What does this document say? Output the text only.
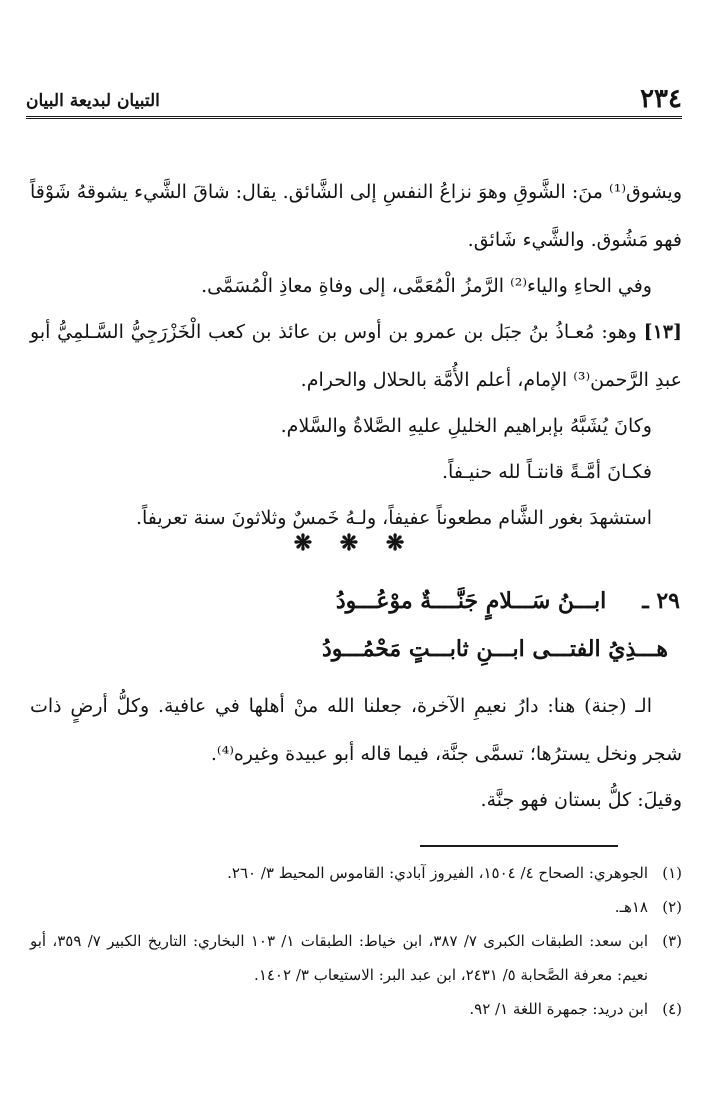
٢٣٤
التبيان لبديعة البيان

ويشوق⁽¹⁾ منَ: الشَّوقِ وهوَ نزاعُ النفسِ إلى الشَّائق. يقال: شاقَ الشَّيء يشوقهُ شَوْقاً فهو مَشُوق. والشَّيء شَائق.

وفي الحاءِ والياء⁽²⁾ الرَّمزُ الْمُعَمَّى، إلى وفاةِ معاذِ الْمُسَمَّى.

[١٣] وهو: مُعـاذُ بنُ جبَل بن عمرو بن أوس بن عائذ بن كعب الْخَزْرَجِيُّ السَّـلمِيُّ أبو عبدِ الرَّحمن⁽³⁾ الإمام، أعلم الأُمَّة بالحلال والحرام.

وكانَ يُشَبَّهُ بإبراهيم الخليلِ عليهِ الصَّلاةُ والسَّلام.

فكـانَ أمَّـةً قانتـاً لله حنيـفاً.

استشهدَ بغور الشَّام مطعوناً عفيفاً، ولـهُ خَمسٌ وثلاثونَ سنة تعريفاً.

❋ ❋ ❋

٢٩ ـابـــنُ سَـــلامٍ جَنَّــــةٌ موْعُـــودُ

هـــذِيُ الفتـــى ابـــنِ ثابـــتٍ مَحْمُـــودُ

الـ (جنة) هنا: دارُ نعيمِ الآخرة، جعلنا الله منْ أهلها في عافية. وكلُّ أرضٍ ذات شجر ونخل يسترُها؛ تسمَّى جنَّة، فيما قاله أبو عبيدة وغيره⁽⁴⁾.

وقيلَ: كلُّ بستان فهو جنَّة.

(١)
الجوهري: الصحاح ٤/ ١٥٠٤، الفيروز آبادي: القاموس المحيط ٣/ ٢٦٠.
(٢)
١٨هـ.
(٣)
ابن سعد: الطبقات الكبرى ٧/ ٣٨٧، ابن خياط: الطبقات ١/ ١٠٣ البخاري: التاريخ الكبير ٧/ ٣٥٩، أبو نعيم: معرفة الصَّحابة ٥/ ٢٤٣١، ابن عبد البر: الاستيعاب ٣/ ١٤٠٢.
(٤)
ابن دريد: جمهرة اللغة ١/ ٩٢.
